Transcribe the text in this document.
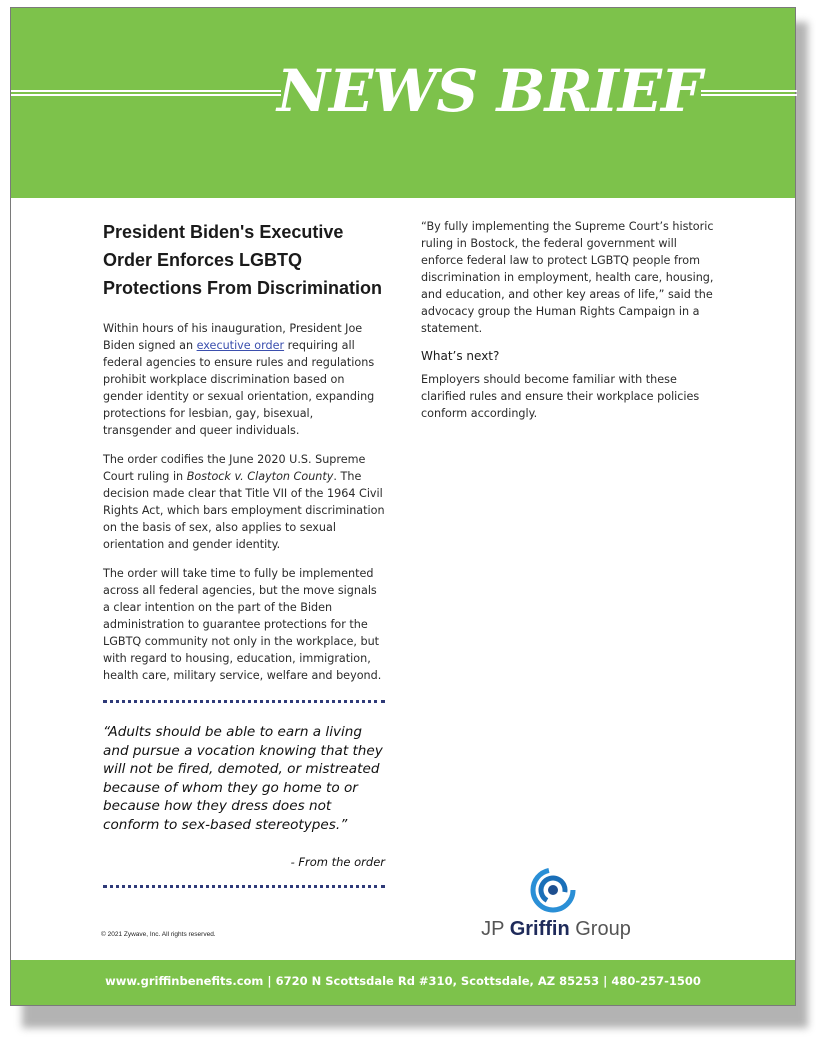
NEWS BRIEF
President Biden's Executive Order Enforces LGBTQ Protections From Discrimination

Within hours of his inauguration, President Joe Biden signed an executive order requiring all federal agencies to ensure rules and regulations prohibit workplace discrimination based on gender identity or sexual orientation, expanding protections for lesbian, gay, bisexual, transgender and queer individuals.

The order codifies the June 2020 U.S. Supreme Court ruling in Bostock v. Clayton County. The decision made clear that Title VII of the 1964 Civil Rights Act, which bars employment discrimination on the basis of sex, also applies to sexual orientation and gender identity.

The order will take time to fully be implemented across all federal agencies, but the move signals a clear intention on the part of the Biden administration to guarantee protections for the LGBTQ community not only in the workplace, but with regard to housing, education, immigration, health care, military service, welfare and beyond.

“Adults should be able to earn a living and pursue a vocation knowing that they will not be fired, demoted, or mistreated because of whom they go home to or because how they dress does not conform to sex-based stereotypes.”

- From the order

“By fully implementing the Supreme Court’s historic ruling in Bostock, the federal government will enforce federal law to protect LGBTQ people from discrimination in employment, health care, housing, and education, and other key areas of life,” said the advocacy group the Human Rights Campaign in a statement.

What’s next?

Employers should become familiar with these clarified rules and ensure their workplace policies conform accordingly.

© 2021 Zywave, Inc. All rights reserved.	JP Griffin Group
www.griffinbenefits.com | 6720 N Scottsdale Rd #310, Scottsdale, AZ 85253 | 480-257-1500
